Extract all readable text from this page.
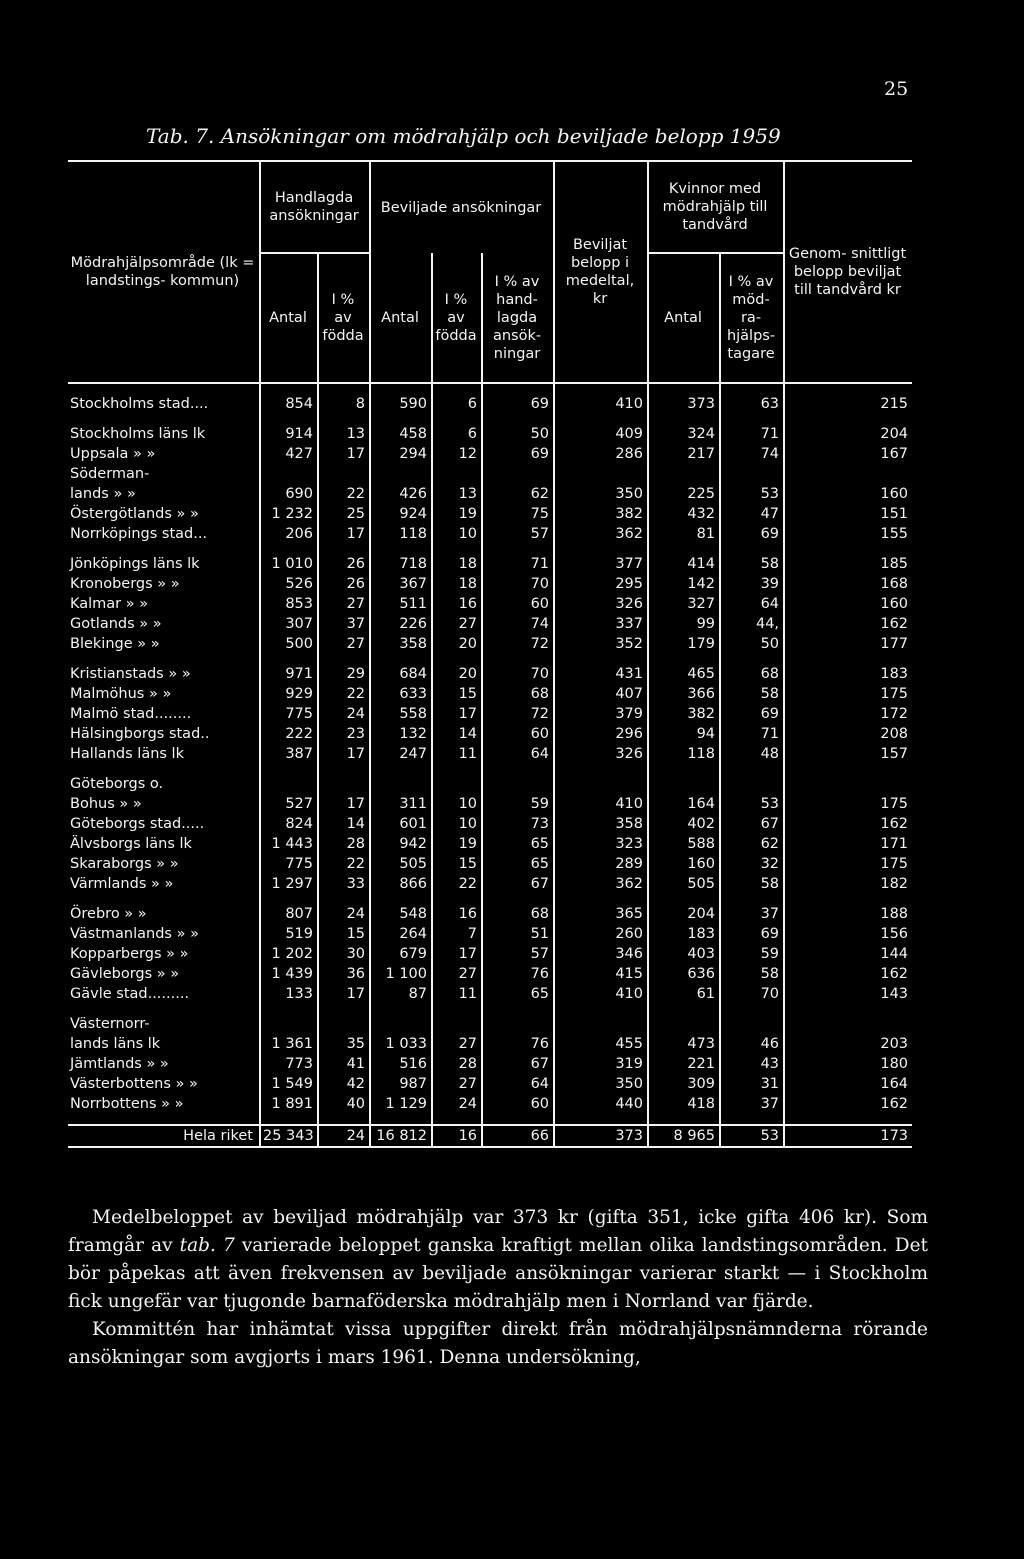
25
Tab. 7. Ansökningar om mödrahjälp och beviljade belopp 1959
Mödrahjälpsområde (lk = landstings- kommun)	Handlagda ansökningar		Beviljade ansökningar			Beviljat belopp i medeltal, kr	Kvinnor med mödrahjälp till tandvård		Genom- snittligt belopp beviljat till tandvård kr
	Antal	I % av födda	Antal	I % av födda	I % av hand- lagda ansök- ningar		Antal	I % av möd- ra- hjälps- tagare	

Stockholms stad....	854	8	590	6	69	410	373	63	215

Stockholms läns lk	914	13	458	6	50	409	324	71	204
Uppsala » »	427	17	294	12	69	286	217	74	167
Söderman-									
lands » »	690	22	426	13	62	350	225	53	160
Östergötlands » »	1 232	25	924	19	75	382	432	47	151
Norrköpings stad...	206	17	118	10	57	362	81	69	155

Jönköpings läns lk	1 010	26	718	18	71	377	414	58	185
Kronobergs » »	526	26	367	18	70	295	142	39	168
Kalmar » »	853	27	511	16	60	326	327	64	160
Gotlands » »	307	37	226	27	74	337	99	44,	162
Blekinge » »	500	27	358	20	72	352	179	50	177

Kristianstads » »	971	29	684	20	70	431	465	68	183
Malmöhus » »	929	22	633	15	68	407	366	58	175
Malmö stad........	775	24	558	17	72	379	382	69	172
Hälsingborgs stad..	222	23	132	14	60	296	94	71	208
Hallands läns lk	387	17	247	11	64	326	118	48	157

Göteborgs o.									
Bohus » »	527	17	311	10	59	410	164	53	175
Göteborgs stad.....	824	14	601	10	73	358	402	67	162
Älvsborgs läns lk	1 443	28	942	19	65	323	588	62	171
Skaraborgs » »	775	22	505	15	65	289	160	32	175
Värmlands » »	1 297	33	866	22	67	362	505	58	182

Örebro » »	807	24	548	16	68	365	204	37	188
Västmanlands » »	519	15	264	7	51	260	183	69	156
Kopparbergs » »	1 202	30	679	17	57	346	403	59	144
Gävleborgs » »	1 439	36	1 100	27	76	415	636	58	162
Gävle stad.........	133	17	87	11	65	410	61	70	143

Västernorr-									
lands läns lk	1 361	35	1 033	27	76	455	473	46	203
Jämtlands » »	773	41	516	28	67	319	221	43	180
Västerbottens » »	1 549	42	987	27	64	350	309	31	164
Norrbottens » »	1 891	40	1 129	24	60	440	418	37	162

Hela riket	25 343	24	16 812	16	66	373	8 965	53	173

Medelbeloppet av beviljad mödrahjälp var 373 kr (gifta 351, icke gifta 406 kr). Som framgår av tab. 7 varierade beloppet ganska kraftigt mellan olika landstingsområden. Det bör påpekas att även frekvensen av beviljade ansökningar varierar starkt — i Stockholm fick ungefär var tjugonde barnaföderska mödrahjälp men i Norrland var fjärde.

Kommittén har inhämtat vissa uppgifter direkt från mödrahjälpsnämnderna rörande ansökningar som avgjorts i mars 1961. Denna undersökning,
